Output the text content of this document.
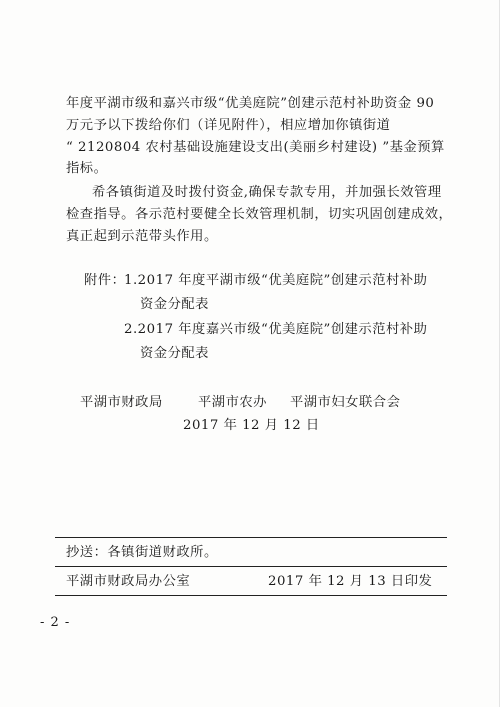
年度平湖市级和嘉兴市级“优美庭院”创建示范村补助资金 90
万元予以下拨给你们（详见附件），相应增加你镇街道
“ 2120804 农村基础设施建设支出(美丽乡村建设) ”基金预算
指标。
希各镇街道及时拨付资金,确保专款专用，并加强长效管理
检查指导。各示范村要健全长效管理机制，切实巩固创建成效，
真正起到示范带头作用。
附件：
1.2017 年度平湖市级“优美庭院”创建示范村补助
资金分配表
2.2017 年度嘉兴市级“优美庭院”创建示范村补助
资金分配表
平湖市财政局	平湖市农办 平湖市妇女联合会
2017 年 12 月 12 日
抄送：各镇街道财政所。
平湖市财政局办公室	2017 年 12 月 13 日印发
- 2 -
